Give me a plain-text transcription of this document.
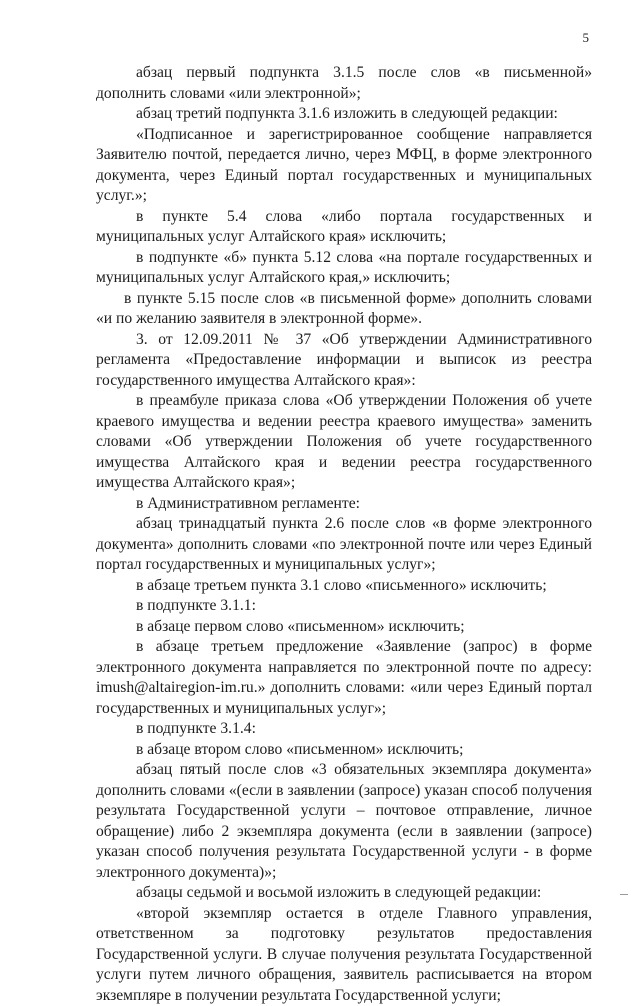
5

абзац первый подпункта 3.1.5 после слов «в письменной» дополнить словами «или электронной»;

абзац третий подпункта 3.1.6 изложить в следующей редакции:

«Подписанное и зарегистрированное сообщение направляется Заявителю почтой, передается лично, через МФЦ, в форме электронного документа, через Единый портал государственных и муниципальных услуг.»;

в пункте 5.4 слова «либо портала государственных и муниципальных услуг Алтайского края» исключить;

в подпункте «б» пункта 5.12 слова «на портале государственных и муниципальных услуг Алтайского края,» исключить;

в пункте 5.15 после слов «в письменной форме» дополнить словами «и по желанию заявителя в электронной форме».

3. от 12.09.2011 № 37 «Об утверждении Административного регламента «Предоставление информации и выписок из реестра государственного имущества Алтайского края»:

в преамбуле приказа слова «Об утверждении Положения об учете краевого имущества и ведении реестра краевого имущества» заменить словами «Об утверждении Положения об учете государственного имущества Алтайского края и ведении реестра государственного имущества Алтайского края»;

в Административном регламенте:

абзац тринадцатый пункта 2.6 после слов «в форме электронного документа» дополнить словами «по электронной почте или через Единый портал государственных и муниципальных услуг»;

в абзаце третьем пункта 3.1 слово «письменного» исключить;

в подпункте 3.1.1:

в абзаце первом слово «письменном» исключить;

в абзаце третьем предложение «Заявление (запрос) в форме электронного документа направляется по электронной почте по адресу: imush@altairegion-im.ru.» дополнить словами: «или через Единый портал государственных и муниципальных услуг»;

в подпункте 3.1.4:

в абзаце втором слово «письменном» исключить;

абзац пятый после слов «3 обязательных экземпляра документа» дополнить словами «(если в заявлении (запросе) указан способ получения результата Государственной услуги – почтовое отправление, личное обращение) либо 2 экземпляра документа (если в заявлении (запросе) указан способ получения результата Государственной услуги - в форме электронного документа)»;

абзацы седьмой и восьмой изложить в следующей редакции:

«второй экземпляр остается в отделе Главного управления, ответственном за подготовку результатов предоставления Государственной услуги. В случае получения результата Государственной услуги путем личного обращения, заявитель расписывается на втором экземпляре в получении результата Государственной услуги;
